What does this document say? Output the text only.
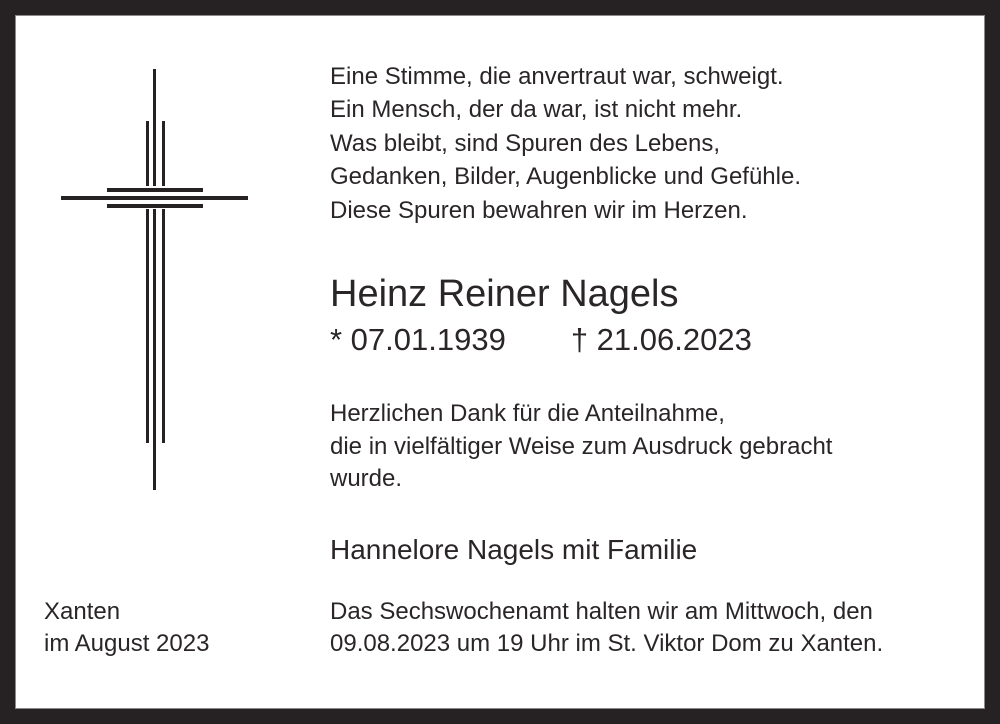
Eine Stimme, die anvertraut war, schweigt.
Ein Mensch, der da war, ist nicht mehr.
Was bleibt, sind Spuren des Lebens,
Gedanken, Bilder, Augenblicke und Gefühle.
Diese Spuren bewahren wir im Herzen.
Heinz Reiner Nagels
* 07.01.1939 † 21.06.2023
Herzlichen Dank für die Anteilnahme,
die in vielfältiger Weise zum Ausdruck gebracht
wurde.
Hannelore Nagels mit Familie
Xanten
im August 2023
Das Sechswochenamt halten wir am Mittwoch, den
09.08.2023 um 19 Uhr im St. Viktor Dom zu Xanten.
